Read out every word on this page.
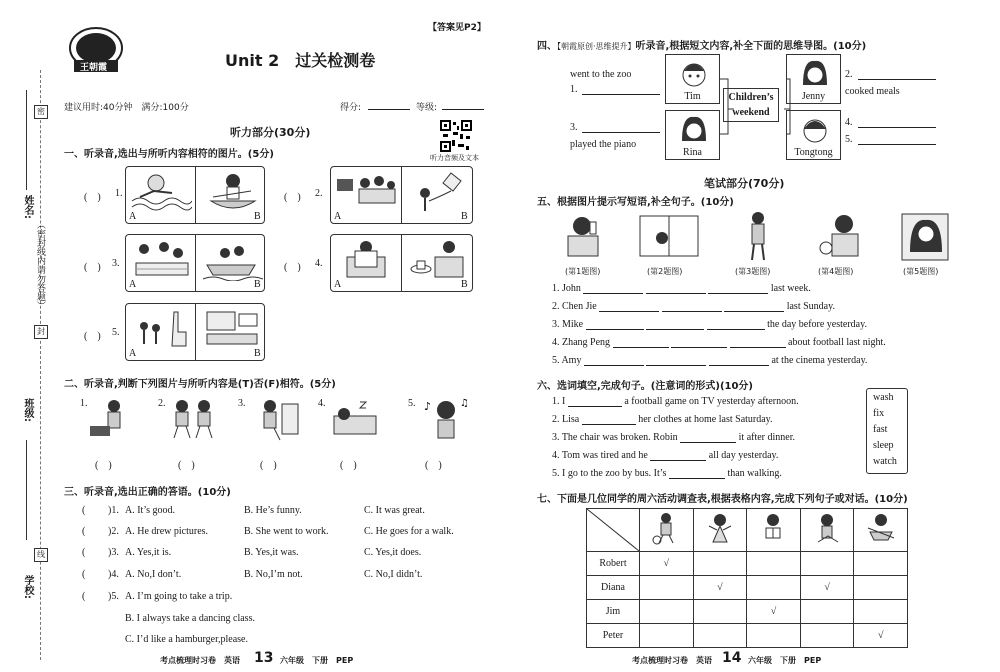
姓名:
（密封线内请勿答题）
班级:
学校:
密
封
线
王朝霞
【答案见P2】
Unit 2　过关检测卷
建议用时:40分钟　满分:100分	得分:	等级:
听力音频及文本
听力部分(30分)
一、听录音,选出与所听内容相符的图片。(5分)
(　) 1.
A	B
(　) 2.
A	B
(　) 3.
A	B
(　) 4.
A	B
(　) 5.
A	B
二、听录音,判断下列图片与所听内容是(T)否(F)相符。(5分)
1.	2.	3.	4.	5. ♪	♫
(　)	(　)	(　)	(　)	(　)
三、听录音,选出正确的答语。(10分)
( )1. A. It’s good.	B. He’s funny.	C. It was great.
( )2. A. He drew pictures.	B. She went to work.	C. He goes for a walk.
( )3. A. Yes,it is.	B. Yes,it was.	C. Yes,it does.
( )4. A. No,I don’t.	B. No,I’m not.	C. No,I didn’t.
( )5. A. I’m going to take a trip.
B. I always take a dancing class.
C. I’d like a hamburger,please.
考点梳理时习卷　英语 13 六年级　下册　PEP
四、【朝霞原创·思维提升】听录音,根据短文内容,补全下面的思维导图。(10分)
went to the zoo
1.
3.
played the piano
Tim
Rina
Jenny
Tongtong
Children’s weekend
2.
cooked meals
4.
5.
笔试部分(70分)
五、根据图片提示写短语,补全句子。(10分)
(第1题图)	(第2题图)	(第3题图)	(第4题图)	(第5题图)
1. John	last week.
2. Chen Jie	last Sunday.
3. Mike	the day before yesterday.
4. Zhang Peng	about football last night.
5. Amy	at the cinema yesterday.
六、选词填空,完成句子。(注意词的形式)(10分)
wash
fix
fast
sleep
watch
1. I	a football game on TV yesterday afternoon.
2. Lisa	her clothes at home last Saturday.
3. The chair was broken. Robin	it after dinner.
4. Tom was tired and he	all day yesterday.
5. I go to the zoo by bus. It’s	than walking.
七、下面是几位同学的周六活动调查表,根据表格内容,完成下列句子或对话。(10分)

Robert	√				
Diana		√		√	
Jim			√		
Peter					√
考点梳理时习卷　英语 14 六年级　下册　PEP
